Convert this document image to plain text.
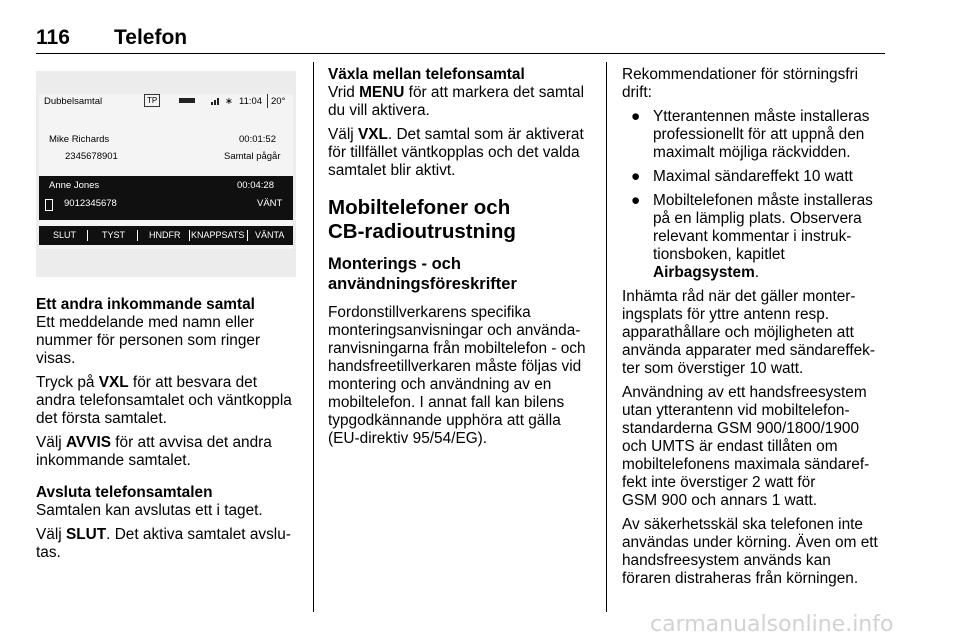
116 Telefon
Dubbelsamtal	TP	∗ 11:04 20°
Mike Richards	00:01:52
2345678901	Samtal pågår
Anne Jones	00:04:28
9012345678	VÄNT
SLUT	TYST	HNDFR KNAPPSATS VÄNTA

Ett andra inkommande samtal

Ett meddelande med namn eller
nummer för personen som ringer
visas.

Tryck på VXL för att besvara det
andra telefonsamtalet och väntkoppla
det första samtalet.

Välj AVVIS för att avvisa det andra
inkommande samtalet.

Avsluta telefonsamtalen

Samtalen kan avslutas ett i taget.

Välj SLUT. Det aktiva samtalet avslu-
tas.

Växla mellan telefonsamtal

Vrid MENU för att markera det samtal
du vill aktivera.

Välj VXL. Det samtal som är aktiverat
för tillfället väntkopplas och det valda
samtalet blir aktivt.

Mobiltelefoner och
CB-radioutrustning

Monterings - och
användningsföreskrifter

Fordonstillverkarens specifika
monteringsanvisningar och använda-
ranvisningarna från mobiltelefon - och
handsfreetillverkaren måste följas vid
montering och användning av en
mobiltelefon. I annat fall kan bilens
typgodkännande upphöra att gälla
(EU-direktiv 95/54/EG).

Rekommendationer för störningsfri
drift:

● Ytterantennen måste installeras
professionellt för att uppnå den
maximalt möjliga räckvidden.

● Maximal sändareffekt 10 watt

● Mobiltelefonen måste installeras
på en lämplig plats. Observera
relevant kommentar i instruk-
tionsboken, kapitlet
Airbagsystem.

Inhämta råd när det gäller monter-
ingsplats för yttre antenn resp.
apparathållare och möjligheten att
använda apparater med sändareffek-
ter som överstiger 10 watt.

Användning av ett handsfreesystem
utan ytterantenn vid mobiltelefon-
standarderna GSM 900/1800/1900
och UMTS är endast tillåten om
mobiltelefonens maximala sändaref-
fekt inte överstiger 2 watt för
GSM 900 och annars 1 watt.

Av säkerhetsskäl ska telefonen inte
användas under körning. Även om ett
handsfreesystem används kan
föraren distraheras från körningen.

carmanualsonline.info
